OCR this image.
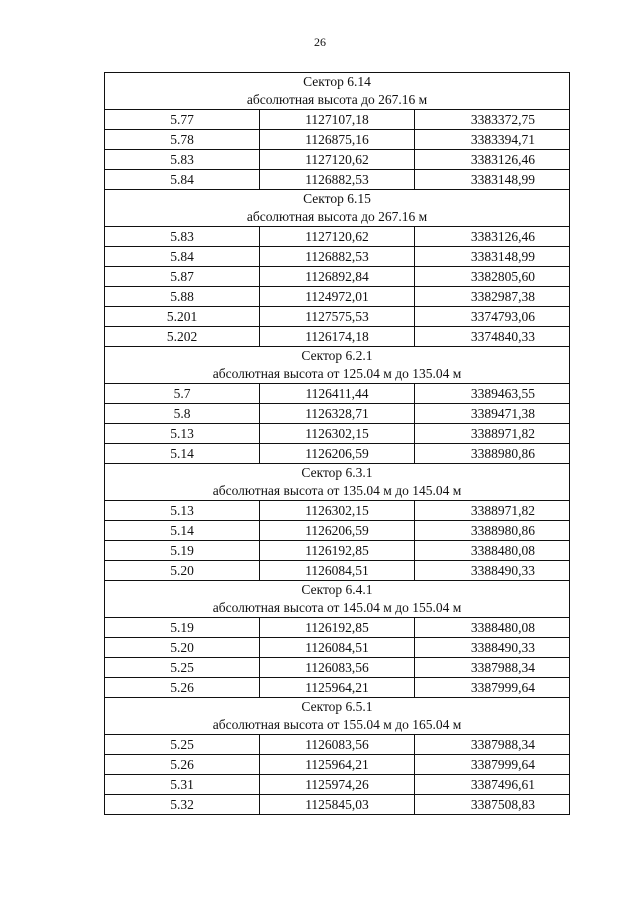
26
Сектор 6.14
абсолютная высота до 267.16 м		

5.77	1127107,18	3383372,75
5.78	1126875,16	3383394,71
5.83	1127120,62	3383126,46
5.84	1126882,53	3383148,99

Сектор 6.15
абсолютная высота до 267.16 м		

5.83	1127120,62	3383126,46
5.84	1126882,53	3383148,99
5.87	1126892,84	3382805,60
5.88	1124972,01	3382987,38
5.201	1127575,53	3374793,06
5.202	1126174,18	3374840,33

Сектор 6.2.1
абсолютная высота от 125.04 м до 135.04 м		

5.7	1126411,44	3389463,55
5.8	1126328,71	3389471,38
5.13	1126302,15	3388971,82
5.14	1126206,59	3388980,86

Сектор 6.3.1
абсолютная высота от 135.04 м до 145.04 м		

5.13	1126302,15	3388971,82
5.14	1126206,59	3388980,86
5.19	1126192,85	3388480,08
5.20	1126084,51	3388490,33

Сектор 6.4.1
абсолютная высота от 145.04 м до 155.04 м		

5.19	1126192,85	3388480,08
5.20	1126084,51	3388490,33
5.25	1126083,56	3387988,34
5.26	1125964,21	3387999,64

Сектор 6.5.1
абсолютная высота от 155.04 м до 165.04 м		

5.25	1126083,56	3387988,34
5.26	1125964,21	3387999,64
5.31	1125974,26	3387496,61
5.32	1125845,03	3387508,83
